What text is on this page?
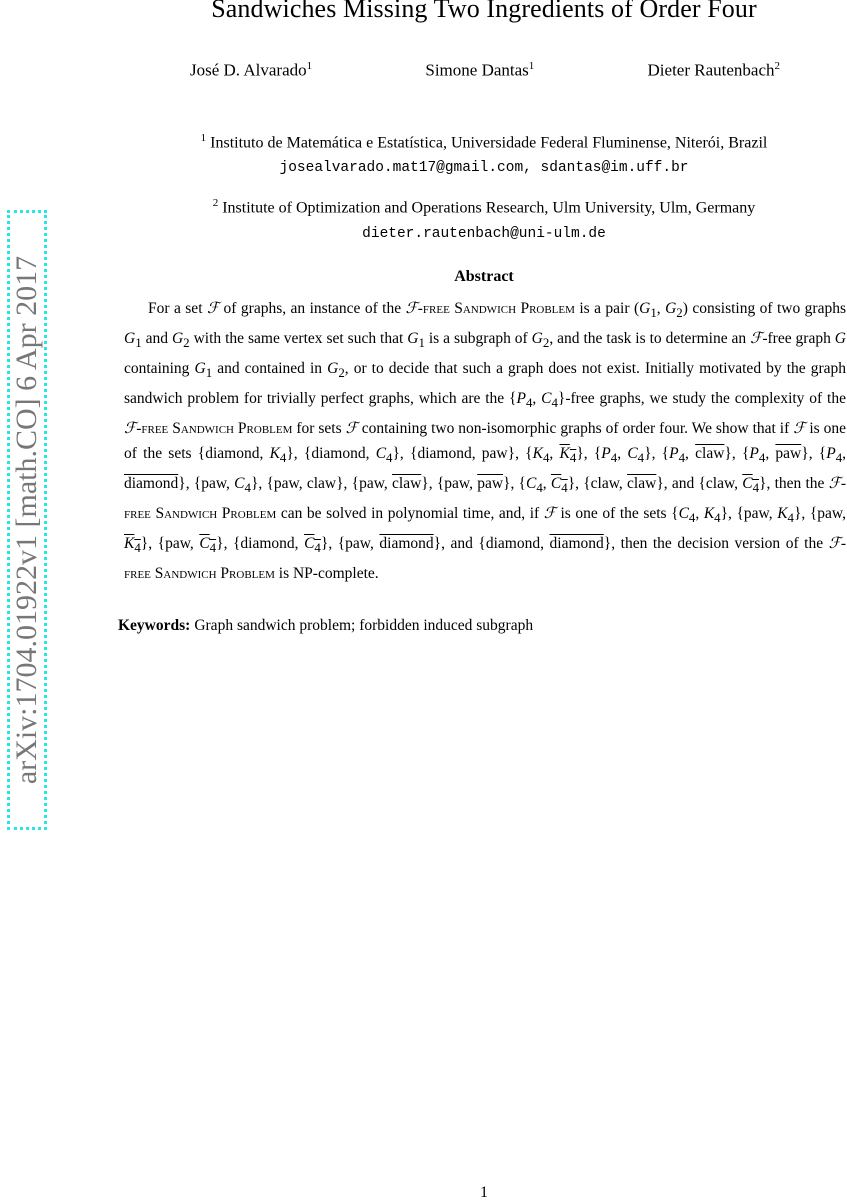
arXiv:1704.01922v1 [math.CO] 6 Apr 2017
Sandwiches Missing Two Ingredients of Order Four
José D. Alvarado$^1$	Simone Dantas$^1$	Dieter Rautenbach$^2$
$^1$ Instituto de Matemática e Estatística, Universidade Federal Fluminense, Niterói, Brazil
josealvarado.mat17@gmail.com, sdantas@im.uff.br
$^2$ Institute of Optimization and Operations Research, Ulm University, Ulm, Germany
dieter.rautenbach@uni-ulm.de
Abstract

For a set ℱ of graphs, an instance of the ℱ-free Sandwich Problem is a pair ($G_1$, $G_2$) consisting of two graphs $G_1$ and $G_2$ with the same vertex set such that $G_1$ is a subgraph of $G_2$, and the task is to determine an ℱ-free graph G containing $G_1$ and contained in $G_2$, or to decide that such a graph does not exist. Initially motivated by the graph sandwich problem for trivially perfect graphs, which are the {$P_4$, $C_4$}-free graphs, we study the complexity of the ℱ-free Sandwich Problem for sets ℱ containing two non-isomorphic graphs of order four. We show that if ℱ is one of the sets {diamond, $K_4$}, {diamond, $C_4$}, {diamond, paw}, {$K_4$, $K_4$}, {$P_4$, $C_4$}, {$P_4$, claw}, {$P_4$, $\overline{paw}$}, {$P_4$, diamond}, {paw, $C_4$}, {paw, claw}, {paw, claw}, {paw, $\overline{paw}$}, {$C_4$, $C_4$}, {claw, claw}, and {claw, $C_4$}, then the ℱ-free Sandwich Problem can be solved in polynomial time, and, if ℱ is one of the sets {$C_4$, $K_4$}, {paw, $K_4$}, {paw, $K_4$}, {paw, $C_4$}, {diamond, $C_4$}, {paw, diamond}, and {diamond, diamond}, then the decision version of the ℱ-free Sandwich Problem is NP-complete.

Keywords: Graph sandwich problem; forbidden induced subgraph
1
